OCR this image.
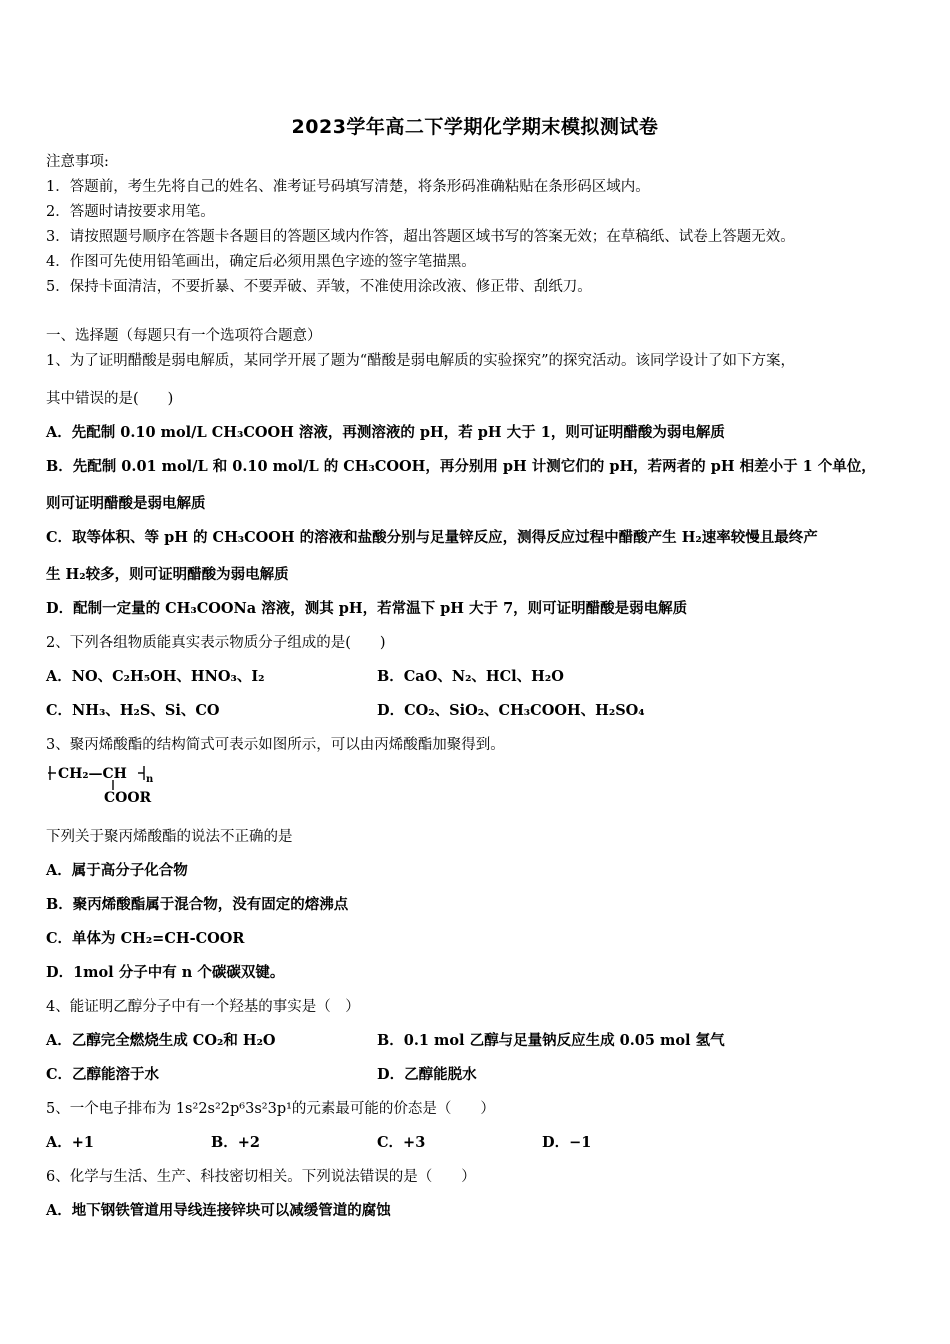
2023学年高二下学期化学期末模拟测试卷
注意事项:
1．答题前，考生先将自己的姓名、准考证号码填写清楚，将条形码准确粘贴在条形码区域内。
2．答题时请按要求用笔。
3．请按照题号顺序在答题卡各题目的答题区域内作答，超出答题区域书写的答案无效；在草稿纸、试卷上答题无效。
4．作图可先使用铅笔画出，确定后必须用黑色字迹的签字笔描黑。
5．保持卡面清洁，不要折暴、不要弄破、弄皱，不准使用涂改液、修正带、刮纸刀。
一、选择题（每题只有一个选项符合题意）
1、为了证明醋酸是弱电解质，某同学开展了题为“醋酸是弱电解质的实验探究”的探究活动。该同学设计了如下方案，
其中错误的是(　　)
A．先配制 0.10 mol/L CH₃COOH 溶液，再测溶液的 pH，若 pH 大于 1，则可证明醋酸为弱电解质
B．先配制 0.01 mol/L 和 0.10 mol/L 的 CH₃COOH，再分别用 pH 计测它们的 pH，若两者的 pH 相差小于 1 个单位，
则可证明醋酸是弱电解质
C．取等体积、等 pH 的 CH₃COOH 的溶液和盐酸分别与足量锌反应，测得反应过程中醋酸产生 H₂速率较慢且最终产
生 H₂较多，则可证明醋酸为弱电解质
D．配制一定量的 CH₃COONa 溶液，测其 pH，若常温下 pH 大于 7，则可证明醋酸是弱电解质
2、下列各组物质能真实表示物质分子组成的是(　　)
A．NO、C₂H₅OH、HNO₃、I₂	B．CaO、N₂、HCl、H₂O
C．NH₃、H₂S、Si、CO	D．CO₂、SiO₂、CH₃COOH、H₂SO₄
3、聚丙烯酸酯的结构简式可表示如图所示，可以由丙烯酸酯加聚得到。
CH₂—CH n
COOR
下列关于聚丙烯酸酯的说法不正确的是
A．属于高分子化合物
B．聚丙烯酸酯属于混合物，没有固定的熔沸点
C．单体为 CH₂=CH-COOR
D．1mol 分子中有 n 个碳碳双键。
4、能证明乙醇分子中有一个羟基的事实是（　）
A．乙醇完全燃烧生成 CO₂和 H₂O	B．0.1 mol 乙醇与足量钠反应生成 0.05 mol 氢气
C．乙醇能溶于水	D．乙醇能脱水
5、一个电子排布为 1s²2s²2p⁶3s²3p¹的元素最可能的价态是（　　）
A．+1	B．+2	C．+3	D．−1
6、化学与生活、生产、科技密切相关。下列说法错误的是（　　）
A．地下钢铁管道用导线连接锌块可以减缓管道的腐蚀
